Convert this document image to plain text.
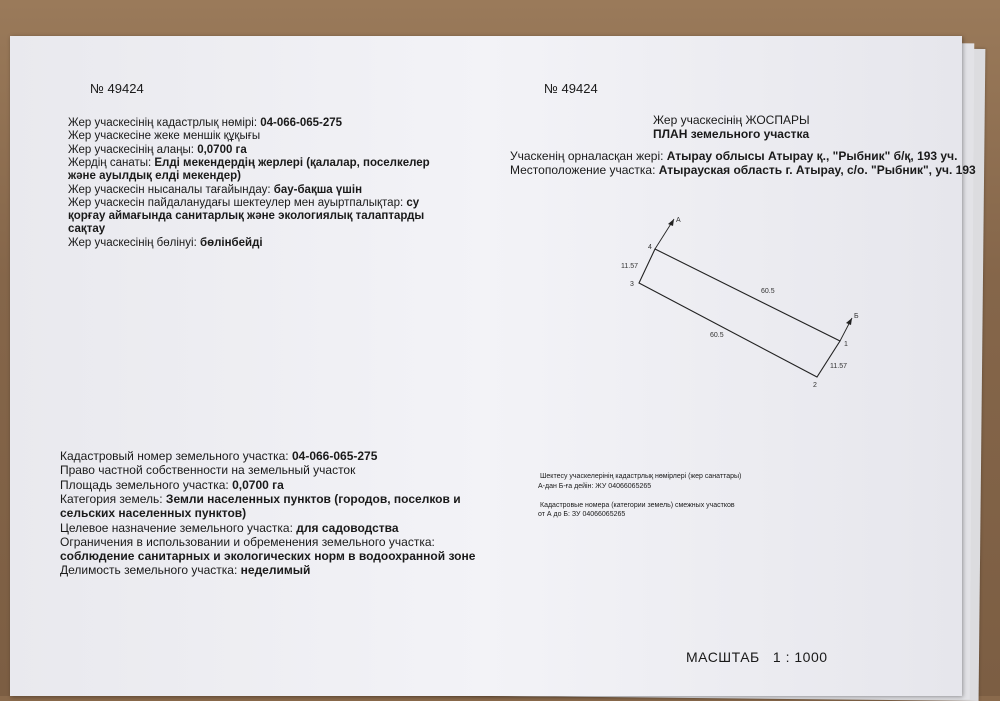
№ 49424	№ 49424
Жер учаскесінің кадастрлық нөмірі: 04-066-065-275
Жер учаскесіне жеке меншік құқығы
Жер учаскесінің алаңы: 0,0700 га
Жердің санаты: Елді мекендердің жерлері (қалалар, поселкелер
және ауылдық елді мекендер)
Жер учаскесін нысаналы тағайындау: бау-бақша үшін
Жер учаскесін пайдаланудағы шектеулер мен ауыртпалықтар: су
қорғау аймағында санитарлық және экологиялық талаптарды
сақтау
Жер учаскесінің бөлінуі: бөлінбейді
Кадастровый номер земельного участка: 04-066-065-275
Право частной собственности на земельный участок
Площадь земельного участка: 0,0700 га
Категория земель: Земли населенных пунктов (городов, поселков и
сельских населенных пунктов)
Целевое назначение земельного участка: для садоводства
Ограничения в использовании и обременения земельного участка:
соблюдение санитарных и экологических норм в водоохранной зоне
Делимость земельного участка: неделимый
Жер учаскесінің ЖОСПАРЫ
ПЛАН земельного участка
Учаскенің орналасқан жері: Атырау облысы Атырау қ., "Рыбник" б/қ, 193 уч.
Местоположение участка: Атырауская область г. Атырау, с/о. "Рыбник", уч. 193
А
Б
1
2
3
4
60.5
60.5
11.57
11.57
Шектесу учаскелерінің кадастрлық нөмірлері (жер санаттары)
А-дан Б-ға дейін: ЖУ 04066065265
Кадастровые номера (категории земель) смежных участков
от А до Б: ЗУ 04066065265
МАСШТАБ   1 : 1000
